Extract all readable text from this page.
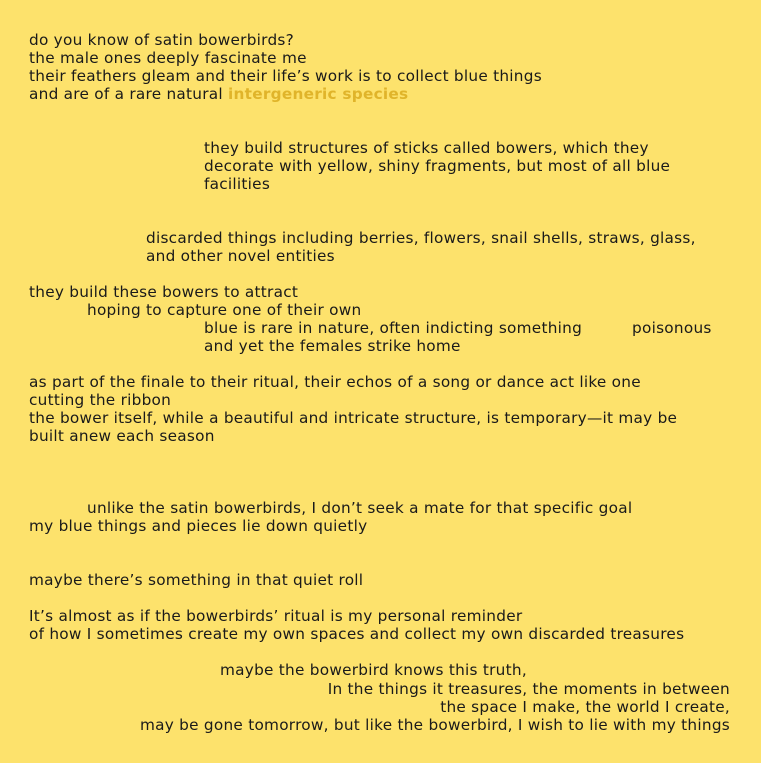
do you know of satin bowerbirds?
the male ones deeply fascinate me
their feathers gleam and their life’s work is to collect blue things
and are of a rare natural intergeneric species
they build structures of sticks called bowers, which they
decorate with yellow, shiny fragments, but most of all blue
facilities
discarded things including berries, flowers, snail shells, straws, glass,
and other novel entities
they build these bowers to attract
hoping to capture one of their own
blue is rare in nature, often indicting something	poisonous
and yet the females strike home
as part of the finale to their ritual, their echos of a song or dance act like one
cutting the ribbon
the bower itself, while a beautiful and intricate structure, is temporary—it may be
built anew each season
unlike the satin bowerbirds, I don’t seek a mate for that specific goal
my blue things and pieces lie down quietly
maybe there’s something in that quiet roll
It’s almost as if the bowerbirds’ ritual is my personal reminder
of how I sometimes create my own spaces and collect my own discarded treasures
maybe the bowerbird knows this truth,
In the things it treasures, the moments in between
the space I make, the world I create,
may be gone tomorrow, but like the bowerbird, I wish to lie with my things
